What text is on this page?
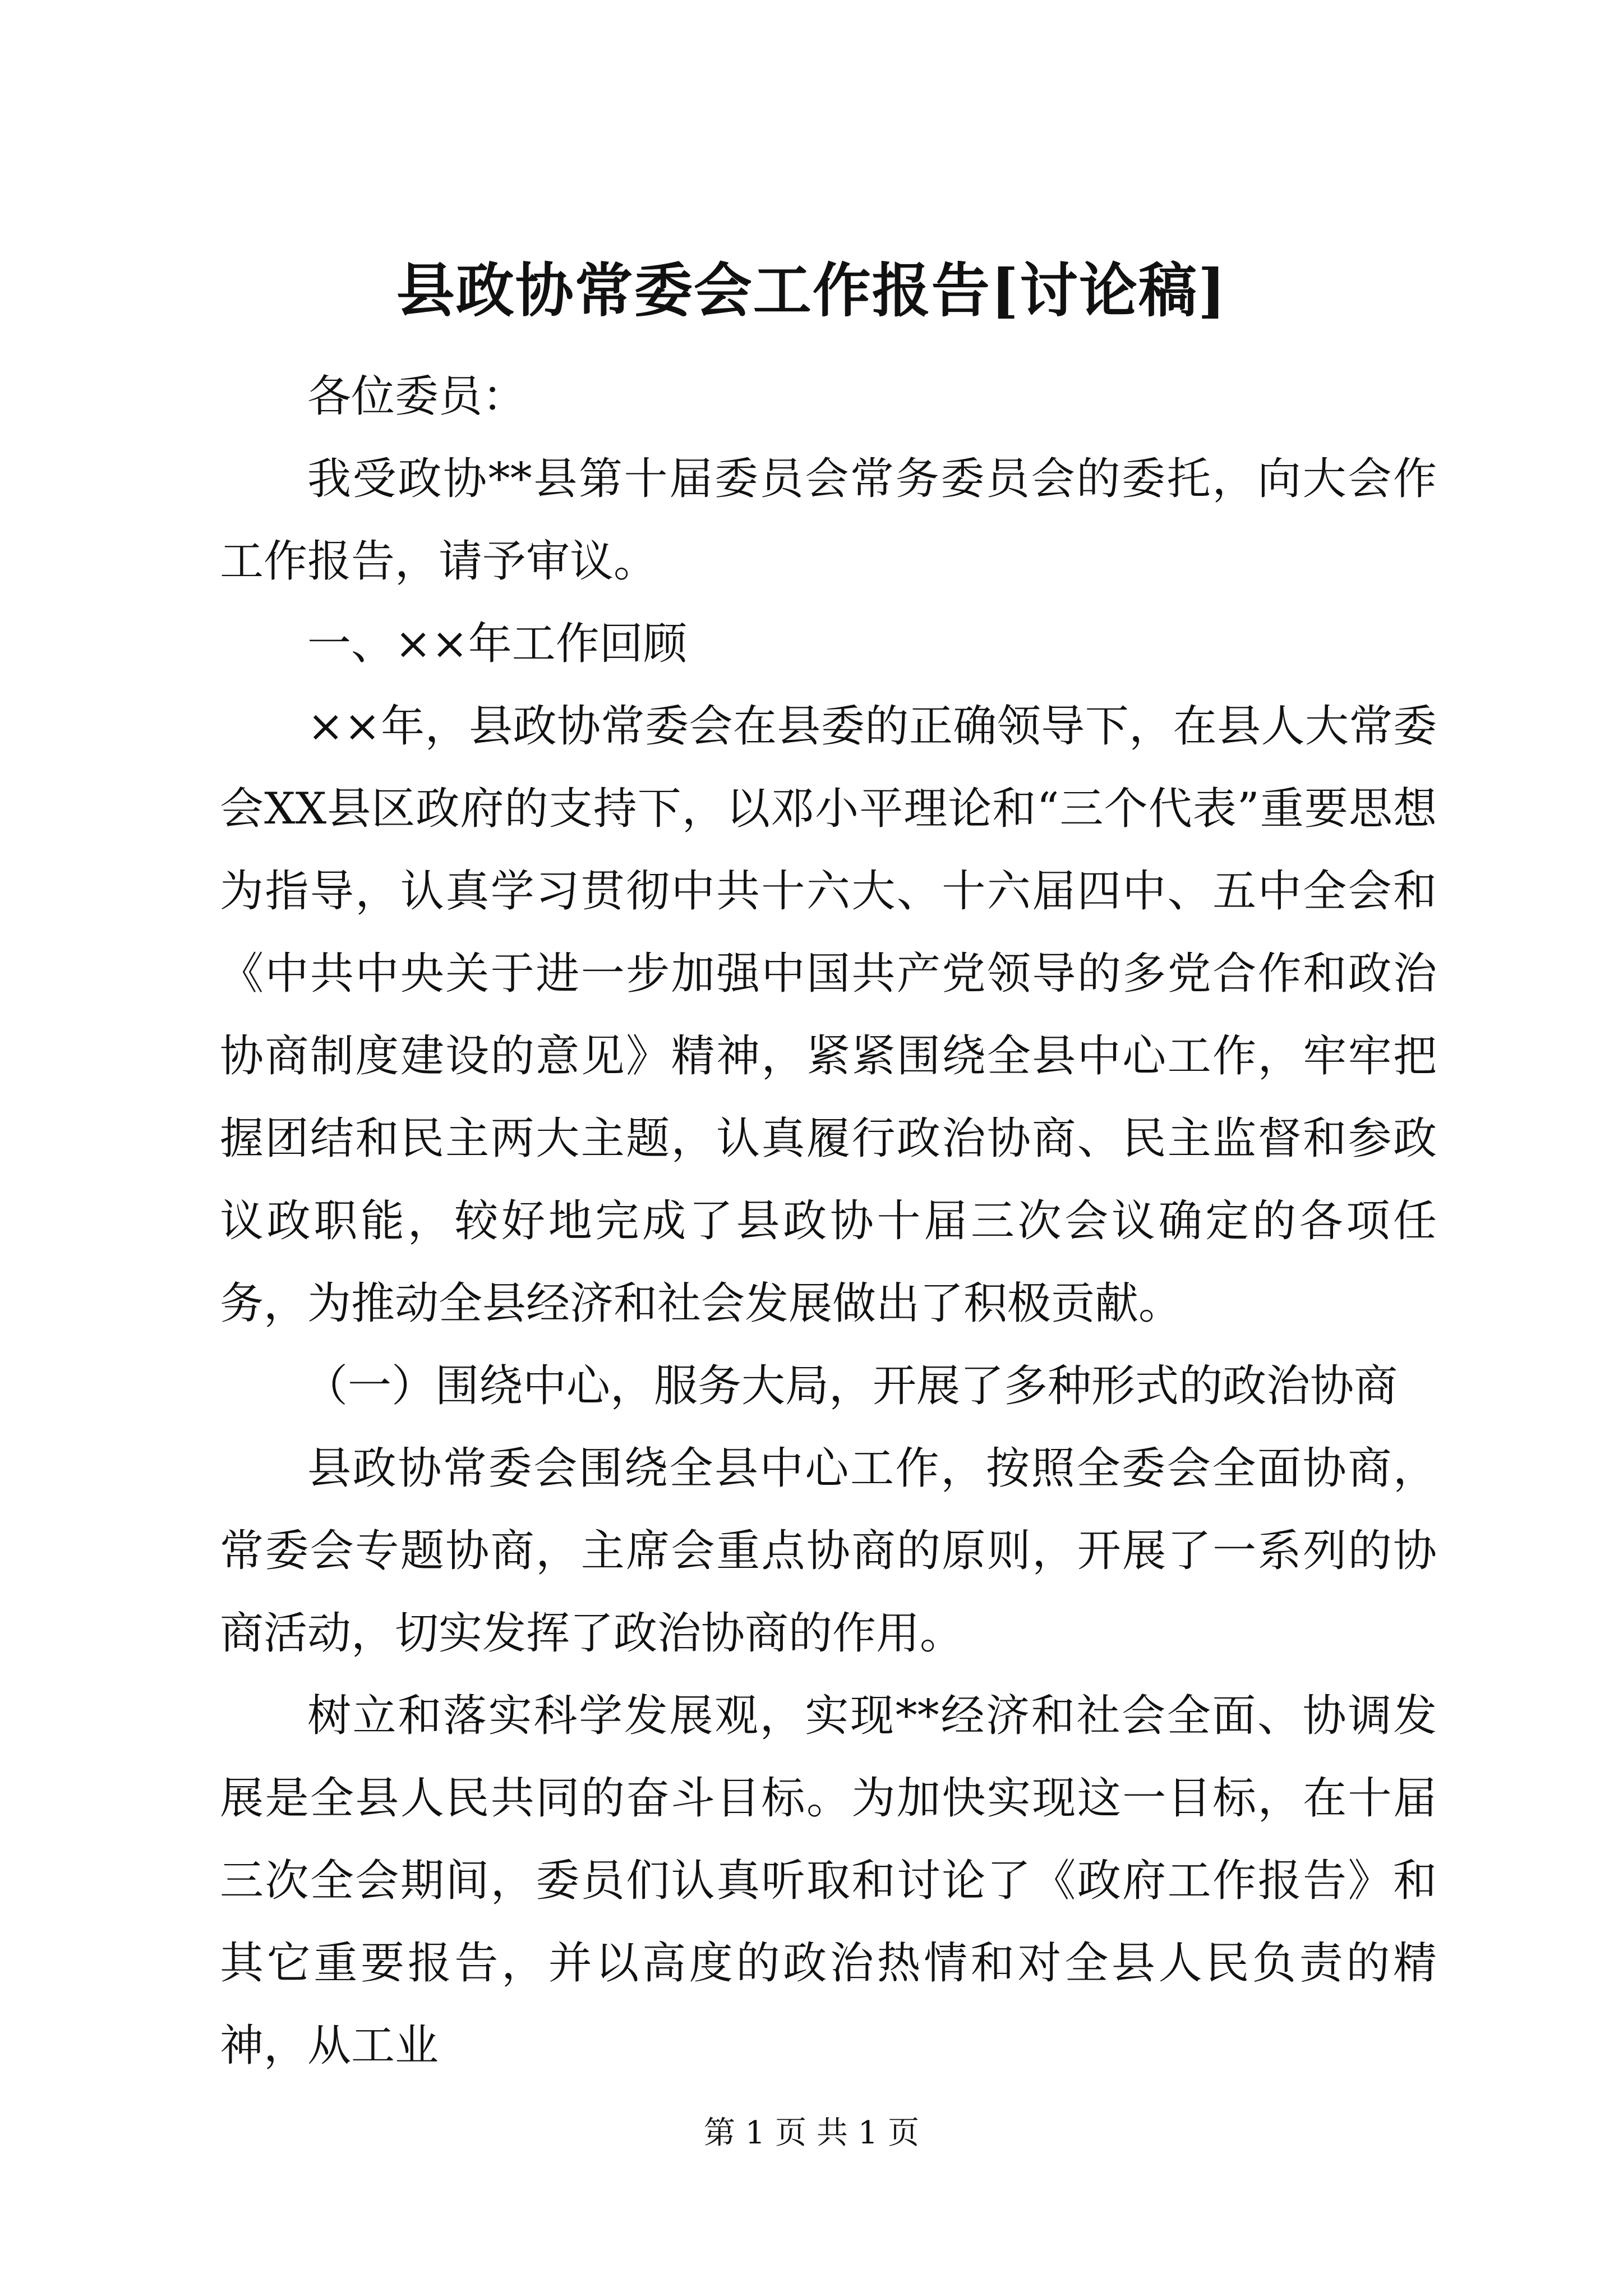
县政协常委会工作报告[讨论稿]

各位委员：

我受政协**县第十届委员会常务委员会的委托，向大会作工作报告，请予审议。

一、××年工作回顾

××年，县政协常委会在县委的正确领导下，在县人大常委会XX县区政府的支持下，以邓小平理论和“三个代表”重要思想为指导，认真学习贯彻中共十六大、十六届四中、五中全会和《中共中央关于进一步加强中国共产党领导的多党合作和政治协商制度建设的意见》精神，紧紧围绕全县中心工作，牢牢把握团结和民主两大主题，认真履行政治协商、民主监督和参政议政职能，较好地完成了县政协十届三次会议确定的各项任务，为推动全县经济和社会发展做出了积极贡献。

（一）围绕中心，服务大局，开展了多种形式的政治协商

县政协常委会围绕全县中心工作，按照全委会全面协商，常委会专题协商，主席会重点协商的原则，开展了一系列的协商活动，切实发挥了政治协商的作用。

树立和落实科学发展观，实现**经济和社会全面、协调发展是全县人民共同的奋斗目标。为加快实现这一目标，在十届三次全会期间，委员们认真听取和讨论了《政府工作报告》和其它重要报告，并以高度的政治热情和对全县人民负责的精神，从工业

第 1 页 共 1 页
